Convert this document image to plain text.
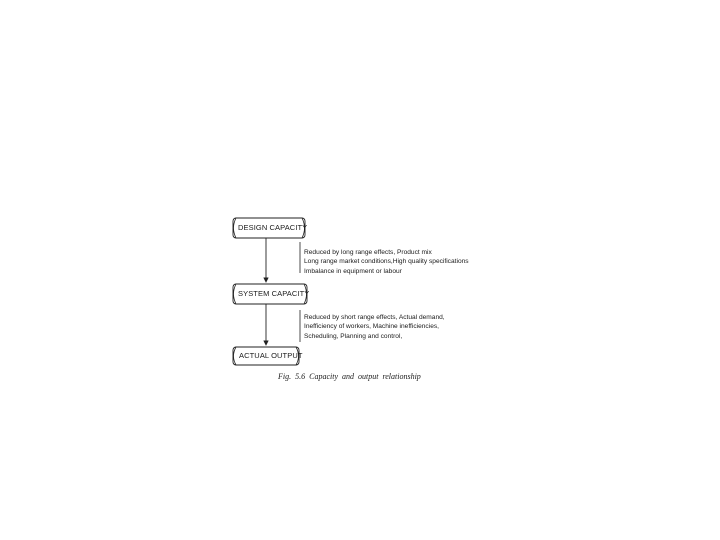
DESIGN CAPACITY
SYSTEM CAPACITY
ACTUAL OUTPUT
Reduced by long range effects, Product mix
Long range market conditions,High quality specifications
Imbalance in equipment or labour
Reduced by short range effects, Actual demand,
Inefficiency of workers, Machine inefficiencies,
Scheduling, Planning and control,
Fig. 5.6 Capacity and output relationship
